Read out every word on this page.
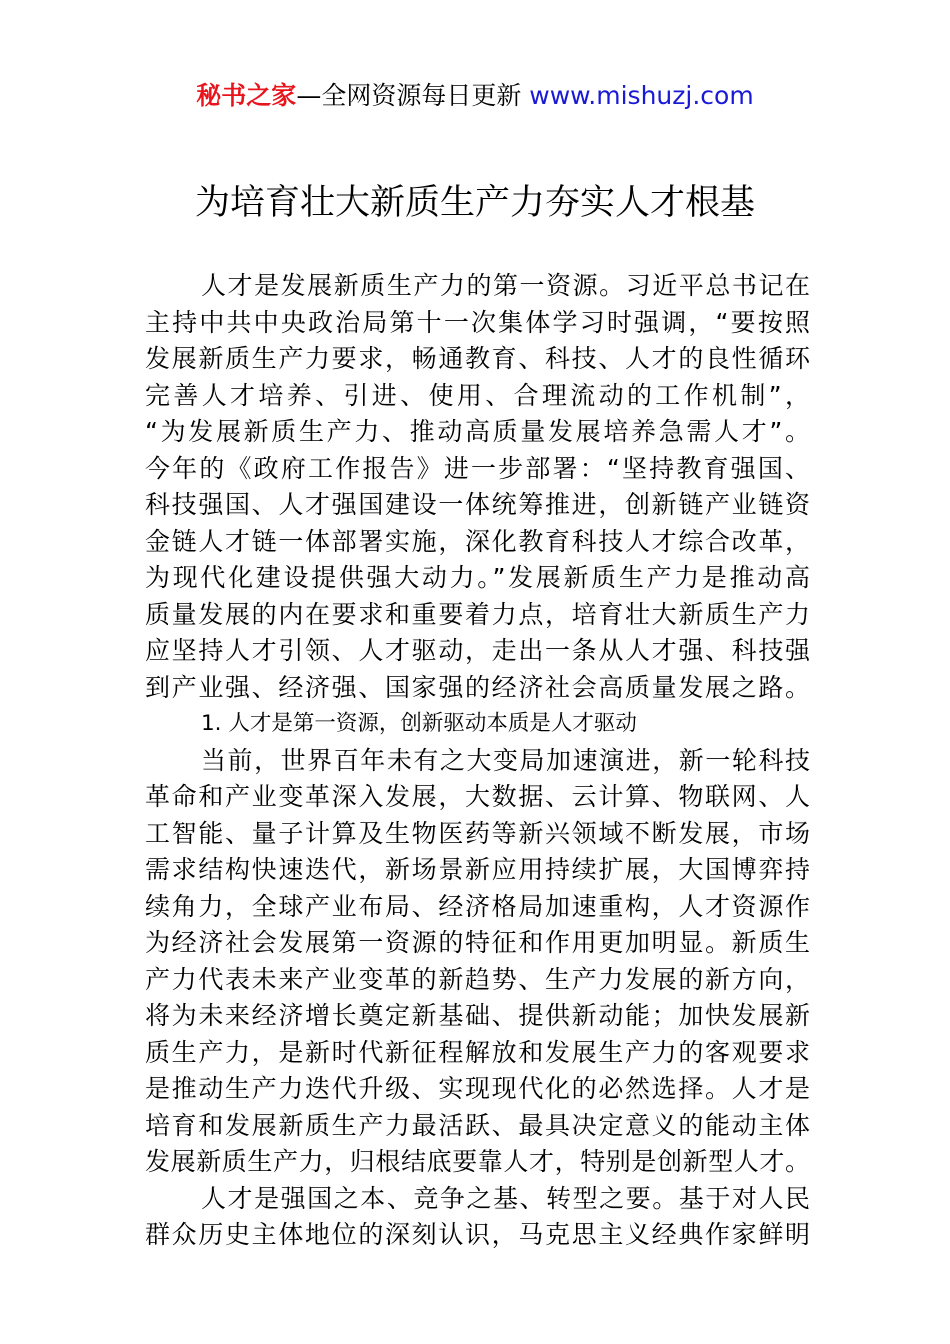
秘书之家—全网资源每日更新 www.mishuzj.com
为培育壮大新质生产力夯实人才根基
人才是发展新质生产力的第一资源。习近平总书记在
主持中共中央政治局第十一次集体学习时强调，“要按照
发展新质生产力要求，畅通教育、科技、人才的良性循环
完善人才培养、引进、使用、合理流动的工作机制”，
“为发展新质生产力、推动高质量发展培养急需人才”。
今年的《政府工作报告》进一步部署：“坚持教育强国、
科技强国、人才强国建设一体统筹推进，创新链产业链资
金链人才链一体部署实施，深化教育科技人才综合改革，
为现代化建设提供强大动力。”发展新质生产力是推动高
质量发展的内在要求和重要着力点，培育壮大新质生产力
应坚持人才引领、人才驱动，走出一条从人才强、科技强
到产业强、经济强、国家强的经济社会高质量发展之路。
1. 人才是第一资源，创新驱动本质是人才驱动
当前，世界百年未有之大变局加速演进，新一轮科技
革命和产业变革深入发展，大数据、云计算、物联网、人
工智能、量子计算及生物医药等新兴领域不断发展，市场
需求结构快速迭代，新场景新应用持续扩展，大国博弈持
续角力，全球产业布局、经济格局加速重构，人才资源作
为经济社会发展第一资源的特征和作用更加明显。新质生
产力代表未来产业变革的新趋势、生产力发展的新方向，
将为未来经济增长奠定新基础、提供新动能；加快发展新
质生产力，是新时代新征程解放和发展生产力的客观要求
是推动生产力迭代升级、实现现代化的必然选择。人才是
培育和发展新质生产力最活跃、最具决定意义的能动主体
发展新质生产力，归根结底要靠人才，特别是创新型人才。
人才是强国之本、竞争之基、转型之要。基于对人民
群众历史主体地位的深刻认识，马克思主义经典作家鲜明
